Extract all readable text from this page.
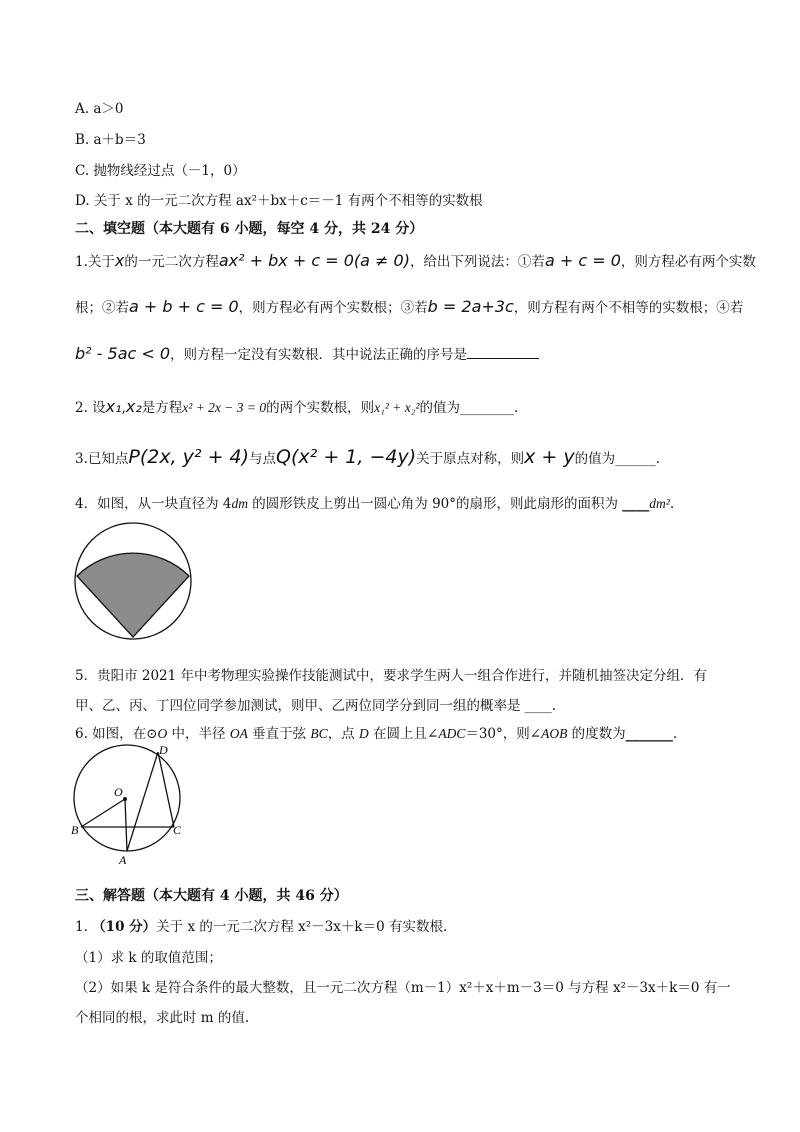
A. a＞0
B. a＋b＝3
C. 抛物线经过点（－1，0）
D. 关于 x 的一元二次方程 ax²＋bx＋c＝－1 有两个不相等的实数根
二、填空题（本大题有 6 小题，每空 4 分，共 24 分）
1.关于x的一元二次方程ax² + bx + c = 0(a ≠ 0)，给出下列说法：①若a + c = 0，则方程必有两个实数
根；②若a + b + c = 0，则方程必有两个实数根；③若b = 2a+3c，则方程有两个不相等的实数根；④若
b² - 5ac < 0，则方程一定没有实数根．其中说法正确的序号是
2. 设x₁,x₂是方程x² + 2x − 3 = 0的两个实数根，则x₁² + x₂²的值为________.
3.已知点P(2x, y² + 4)与点Q(x² + 1, −4y)关于原点对称，则x + y的值为______.
4．如图，从一块直径为 4dm 的圆形铁皮上剪出一圆心角为 90°的扇形，则此扇形的面积为 ____dm².
5．贵阳市 2021 年中考物理实验操作技能测试中，要求学生两人一组合作进行，并随机抽签决定分组．有
甲、乙、丙、丁四位同学参加测试，则甲、乙两位同学分到同一组的概率是 ____.
6. 如图，在⊙O 中，半径 OA 垂直于弦 BC，点 D 在圆上且∠ADC＝30°，则∠AOB 的度数为_______.
D
O
B	C
A
三、解答题（本大题有 4 小题，共 46 分）
1. （10 分）关于 x 的一元二次方程 x²－3x＋k＝0 有实数根.
（1）求 k 的取值范围；
（2）如果 k 是符合条件的最大整数，且一元二次方程（m－1）x²＋x＋m－3＝0 与方程 x²－3x＋k＝0 有一
个相同的根，求此时 m 的值.
